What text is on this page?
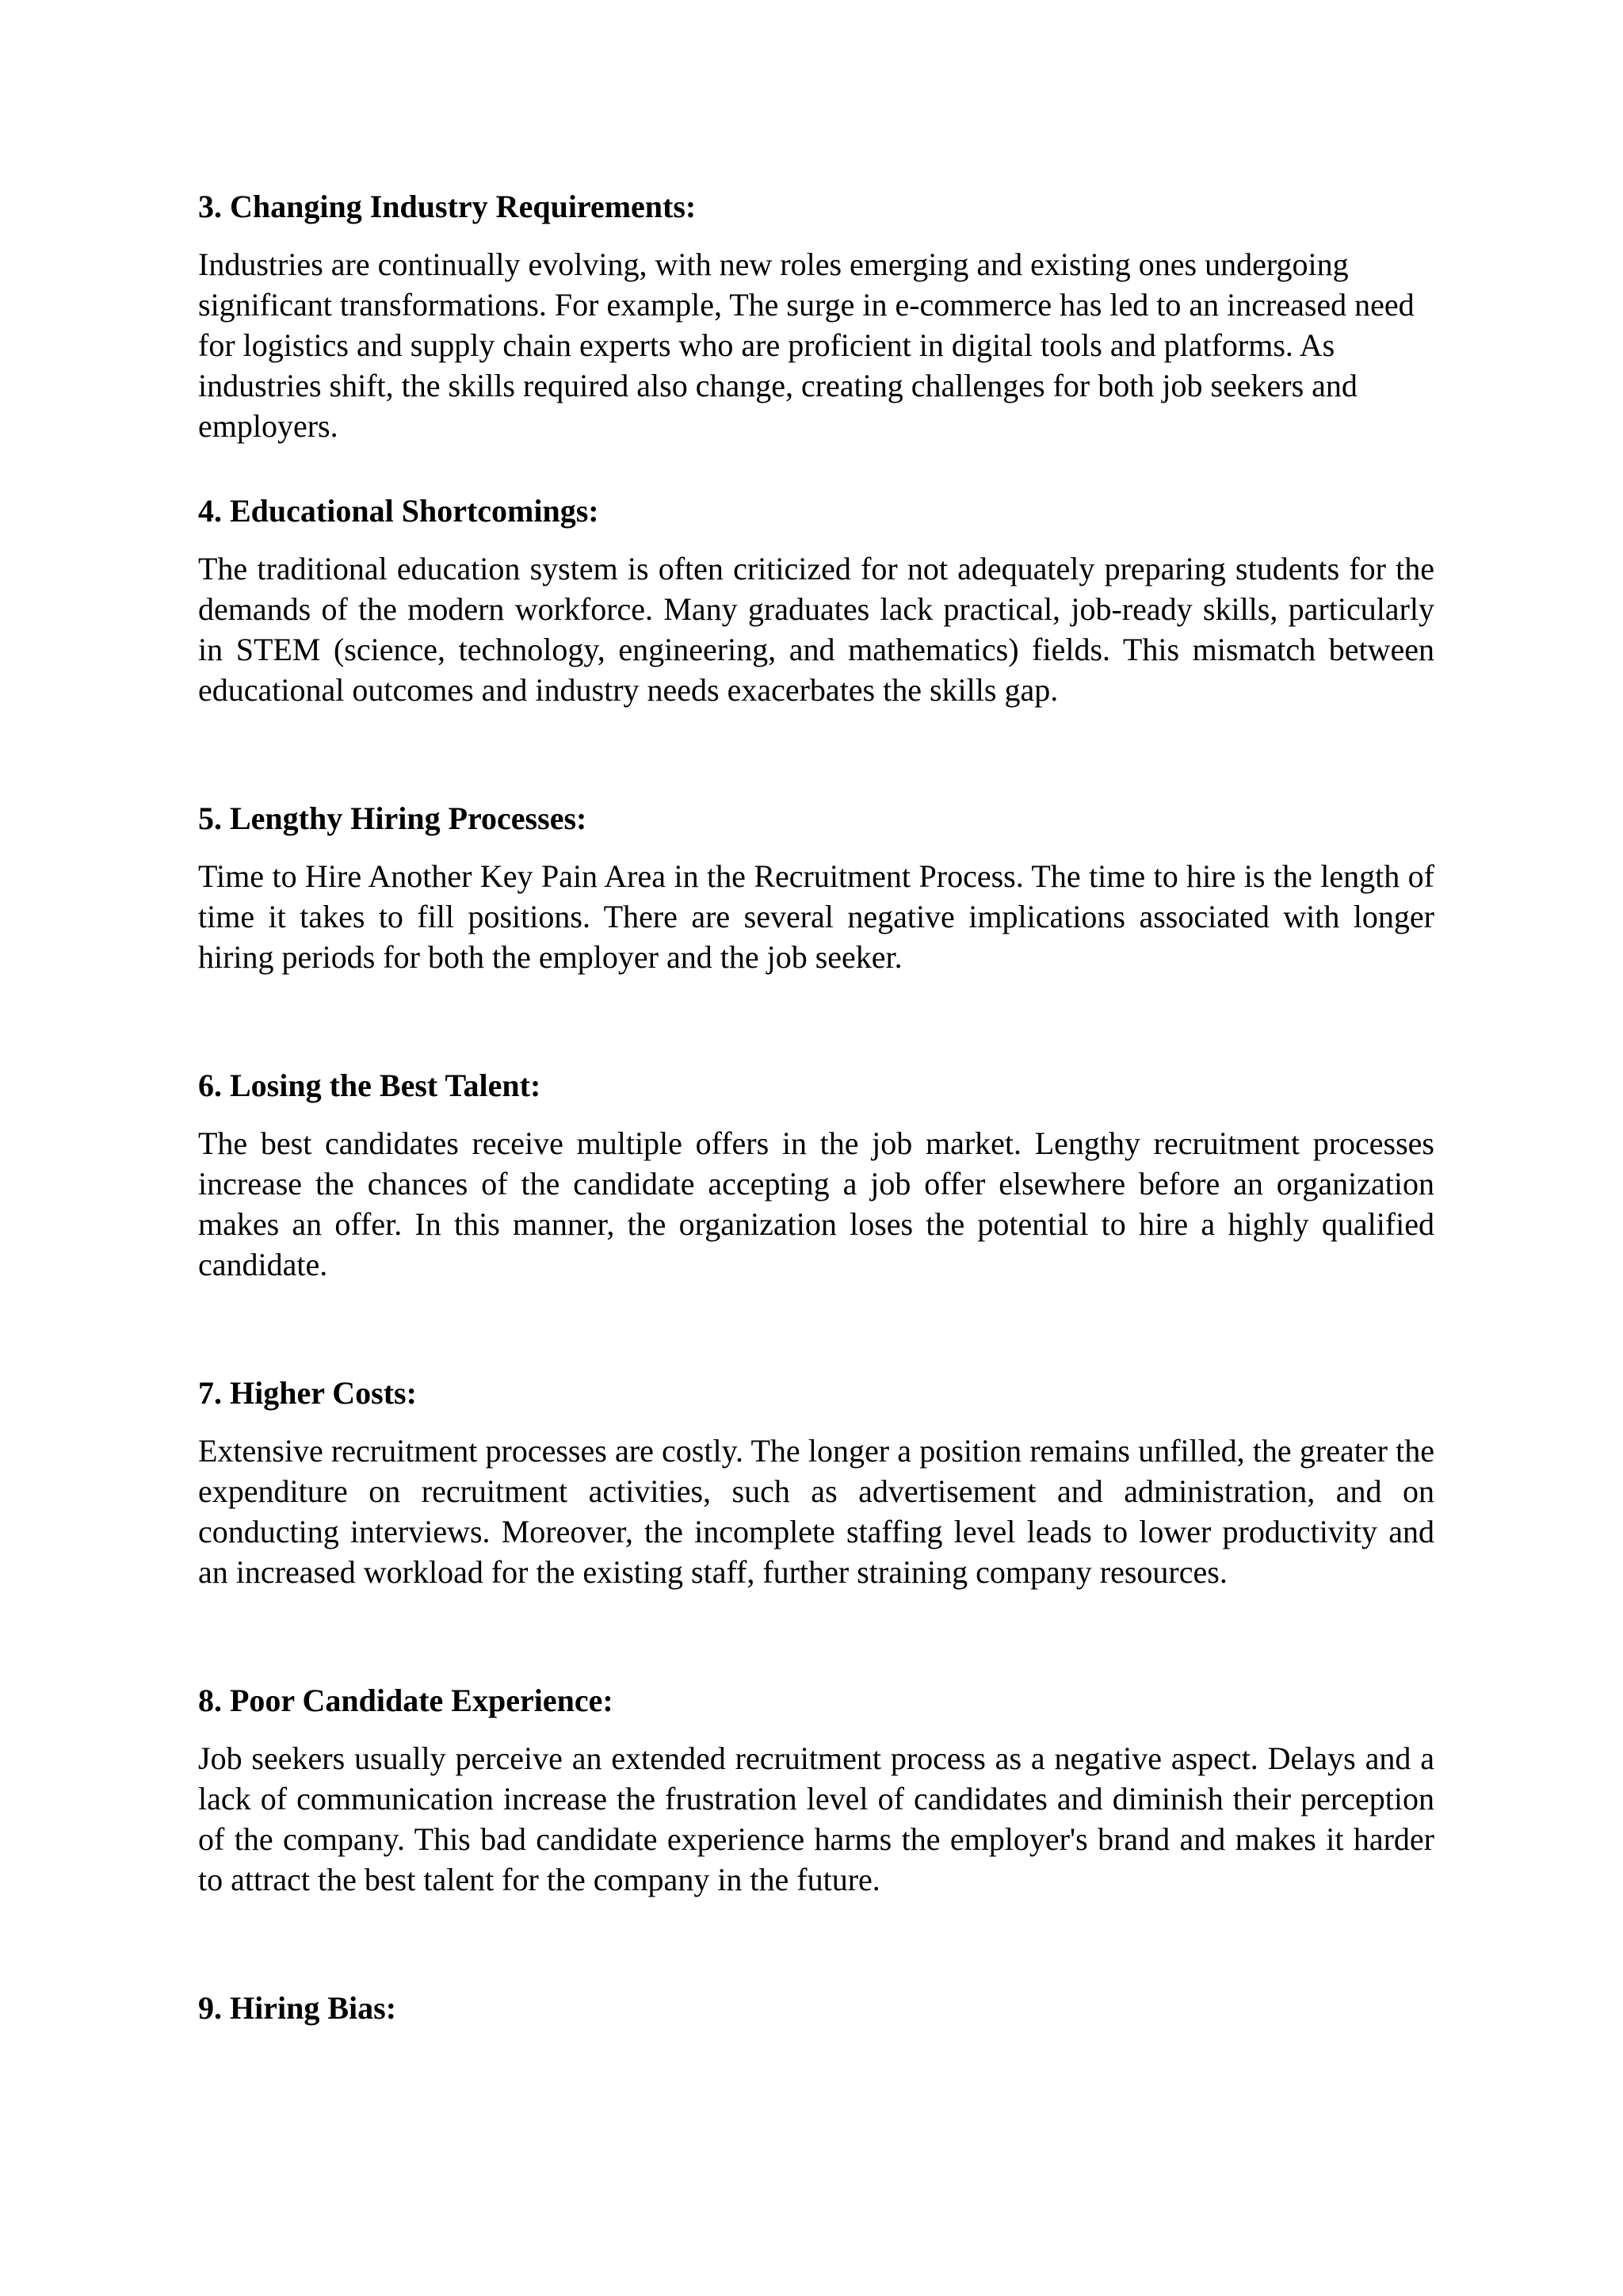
3. Changing Industry Requirements:

Industries are continually evolving, with new roles emerging and existing ones undergoing significant transformations. For example, The surge in e-commerce has led to an increased need for logistics and supply chain experts who are proficient in digital tools and platforms. As industries shift, the skills required also change, creating challenges for both job seekers and employers.

4. Educational Shortcomings:

The traditional education system is often criticized for not adequately preparing students for the demands of the modern workforce. Many graduates lack practical, job-ready skills, particularly in STEM (science, technology, engineering, and mathematics) fields. This mismatch between educational outcomes and industry needs exacerbates the skills gap.

5. Lengthy Hiring Processes:

Time to Hire Another Key Pain Area in the Recruitment Process. The time to hire is the length of time it takes to fill positions. There are several negative implications associated with longer hiring periods for both the employer and the job seeker.

6. Losing the Best Talent:

The best candidates receive multiple offers in the job market. Lengthy recruitment processes increase the chances of the candidate accepting a job offer elsewhere before an organization makes an offer. In this manner, the organization loses the potential to hire a highly qualified candidate.

7. Higher Costs:

Extensive recruitment processes are costly. The longer a position remains unfilled, the greater the expenditure on recruitment activities, such as advertisement and administration, and on conducting interviews. Moreover, the incomplete staffing level leads to lower productivity and an increased workload for the existing staff, further straining company resources.

8. Poor Candidate Experience:

Job seekers usually perceive an extended recruitment process as a negative aspect. Delays and a lack of communication increase the frustration level of candidates and diminish their perception of the company. This bad candidate experience harms the employer's brand and makes it harder to attract the best talent for the company in the future.

9. Hiring Bias:
